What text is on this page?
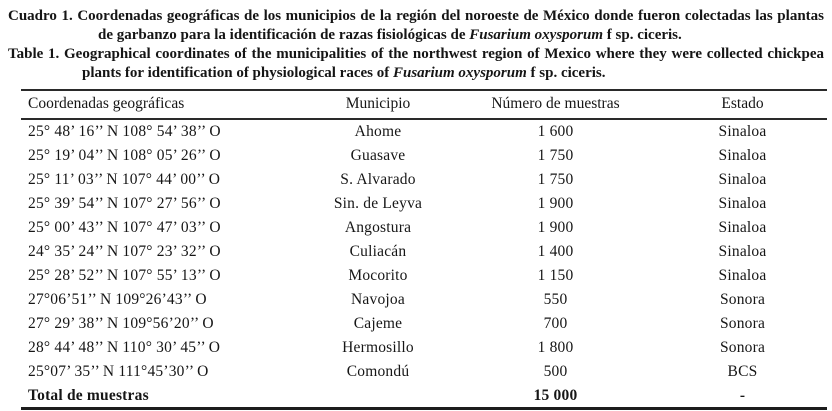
Cuadro 1. Coordenadas geográficas de los municipios de la región del noroeste de México donde fueron colectadas las plantas de garbanzo para la identificación de razas fisiológicas de Fusarium oxysporum f sp. ciceris.

Table 1. Geographical coordinates of the municipalities of the northwest region of Mexico where they were collected chickpea plants for identification of physiological races of Fusarium oxysporum f sp. ciceris.

Coordenadas geográficas	Municipio	Número de muestras	Estado
25° 48’ 16’’ N 108° 54’ 38’’ O	Ahome	1 600	Sinaloa
25° 19’ 04’’ N 108° 05’ 26’’ O	Guasave	1 750	Sinaloa
25° 11’ 03’’ N 107° 44’ 00’’ O	S. Alvarado	1 750	Sinaloa
25° 39’ 54’’ N 107° 27’ 56’’ O	Sin. de Leyva	1 900	Sinaloa
25° 00’ 43’’ N 107° 47’ 03’’ O	Angostura	1 900	Sinaloa
24° 35’ 24’’ N 107° 23’ 32’’ O	Culiacán	1 400	Sinaloa
25° 28’ 52’’ N 107° 55’ 13’’ O	Mocorito	1 150	Sinaloa
27°06’51’’ N 109°26’43’’ O	Navojoa	550	Sonora
27° 29’ 38’’ N 109°56’20’’ O	Cajeme	700	Sonora
28° 44’ 48’’ N 110° 30’ 45’’ O	Hermosillo	1 800	Sonora
25°07’ 35’’ N 111°45’30’’ O	Comondú	500	BCS
Total de muestras		15 000	-
